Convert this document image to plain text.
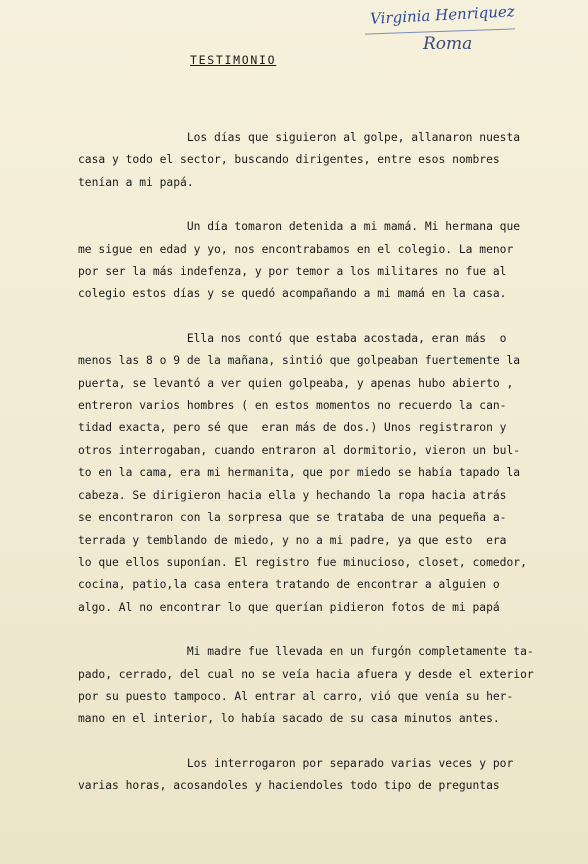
Virginia Henriquez
Roma
TESTIMONIO

Los días que siguieron al golpe, allanaron nuesta

casa y todo el sector, buscando dirigentes, entre esos nombres

tenían a mi papá.

Un día tomaron detenida a mi mamá. Mi hermana que

me sigue en edad y yo, nos encontrabamos en el colegio. La menor

por ser la más indefenza, y por temor a los militares no fue al

colegio estos días y se quedó acompañando a mi mamá en la casa.

Ella nos contó que estaba acostada, eran más  o

menos las 8 o 9 de la mañana, sintió que golpeaban fuertemente la

puerta, se levantó a ver quien golpeaba, y apenas hubo abierto ,

entreron varios hombres ( en estos momentos no recuerdo la can-

tidad exacta, pero sé que  eran más de dos.) Unos registraron y

otros interrogaban, cuando entraron al dormitorio, vieron un bul-

to en la cama, era mi hermanita, que por miedo se había tapado la

cabeza. Se dirigieron hacia ella y hechando la ropa hacia atrás

se encontraron con la sorpresa que se trataba de una pequeña a-

terrada y temblando de miedo, y no a mi padre, ya que esto  era

lo que ellos suponían. El registro fue minucioso, closet, comedor,

cocina, patio,la casa entera tratando de encontrar a alguien o

algo. Al no encontrar lo que querían pidieron fotos de mi papá

Mi madre fue llevada en un furgón completamente ta-

pado, cerrado, del cual no se veía hacia afuera y desde el exterior

por su puesto tampoco. Al entrar al carro, vió que venía su her-

mano en el interior, lo había sacado de su casa minutos antes.

Los interrogaron por separado varias veces y por

varias horas, acosandoles y haciendoles todo tipo de preguntas
